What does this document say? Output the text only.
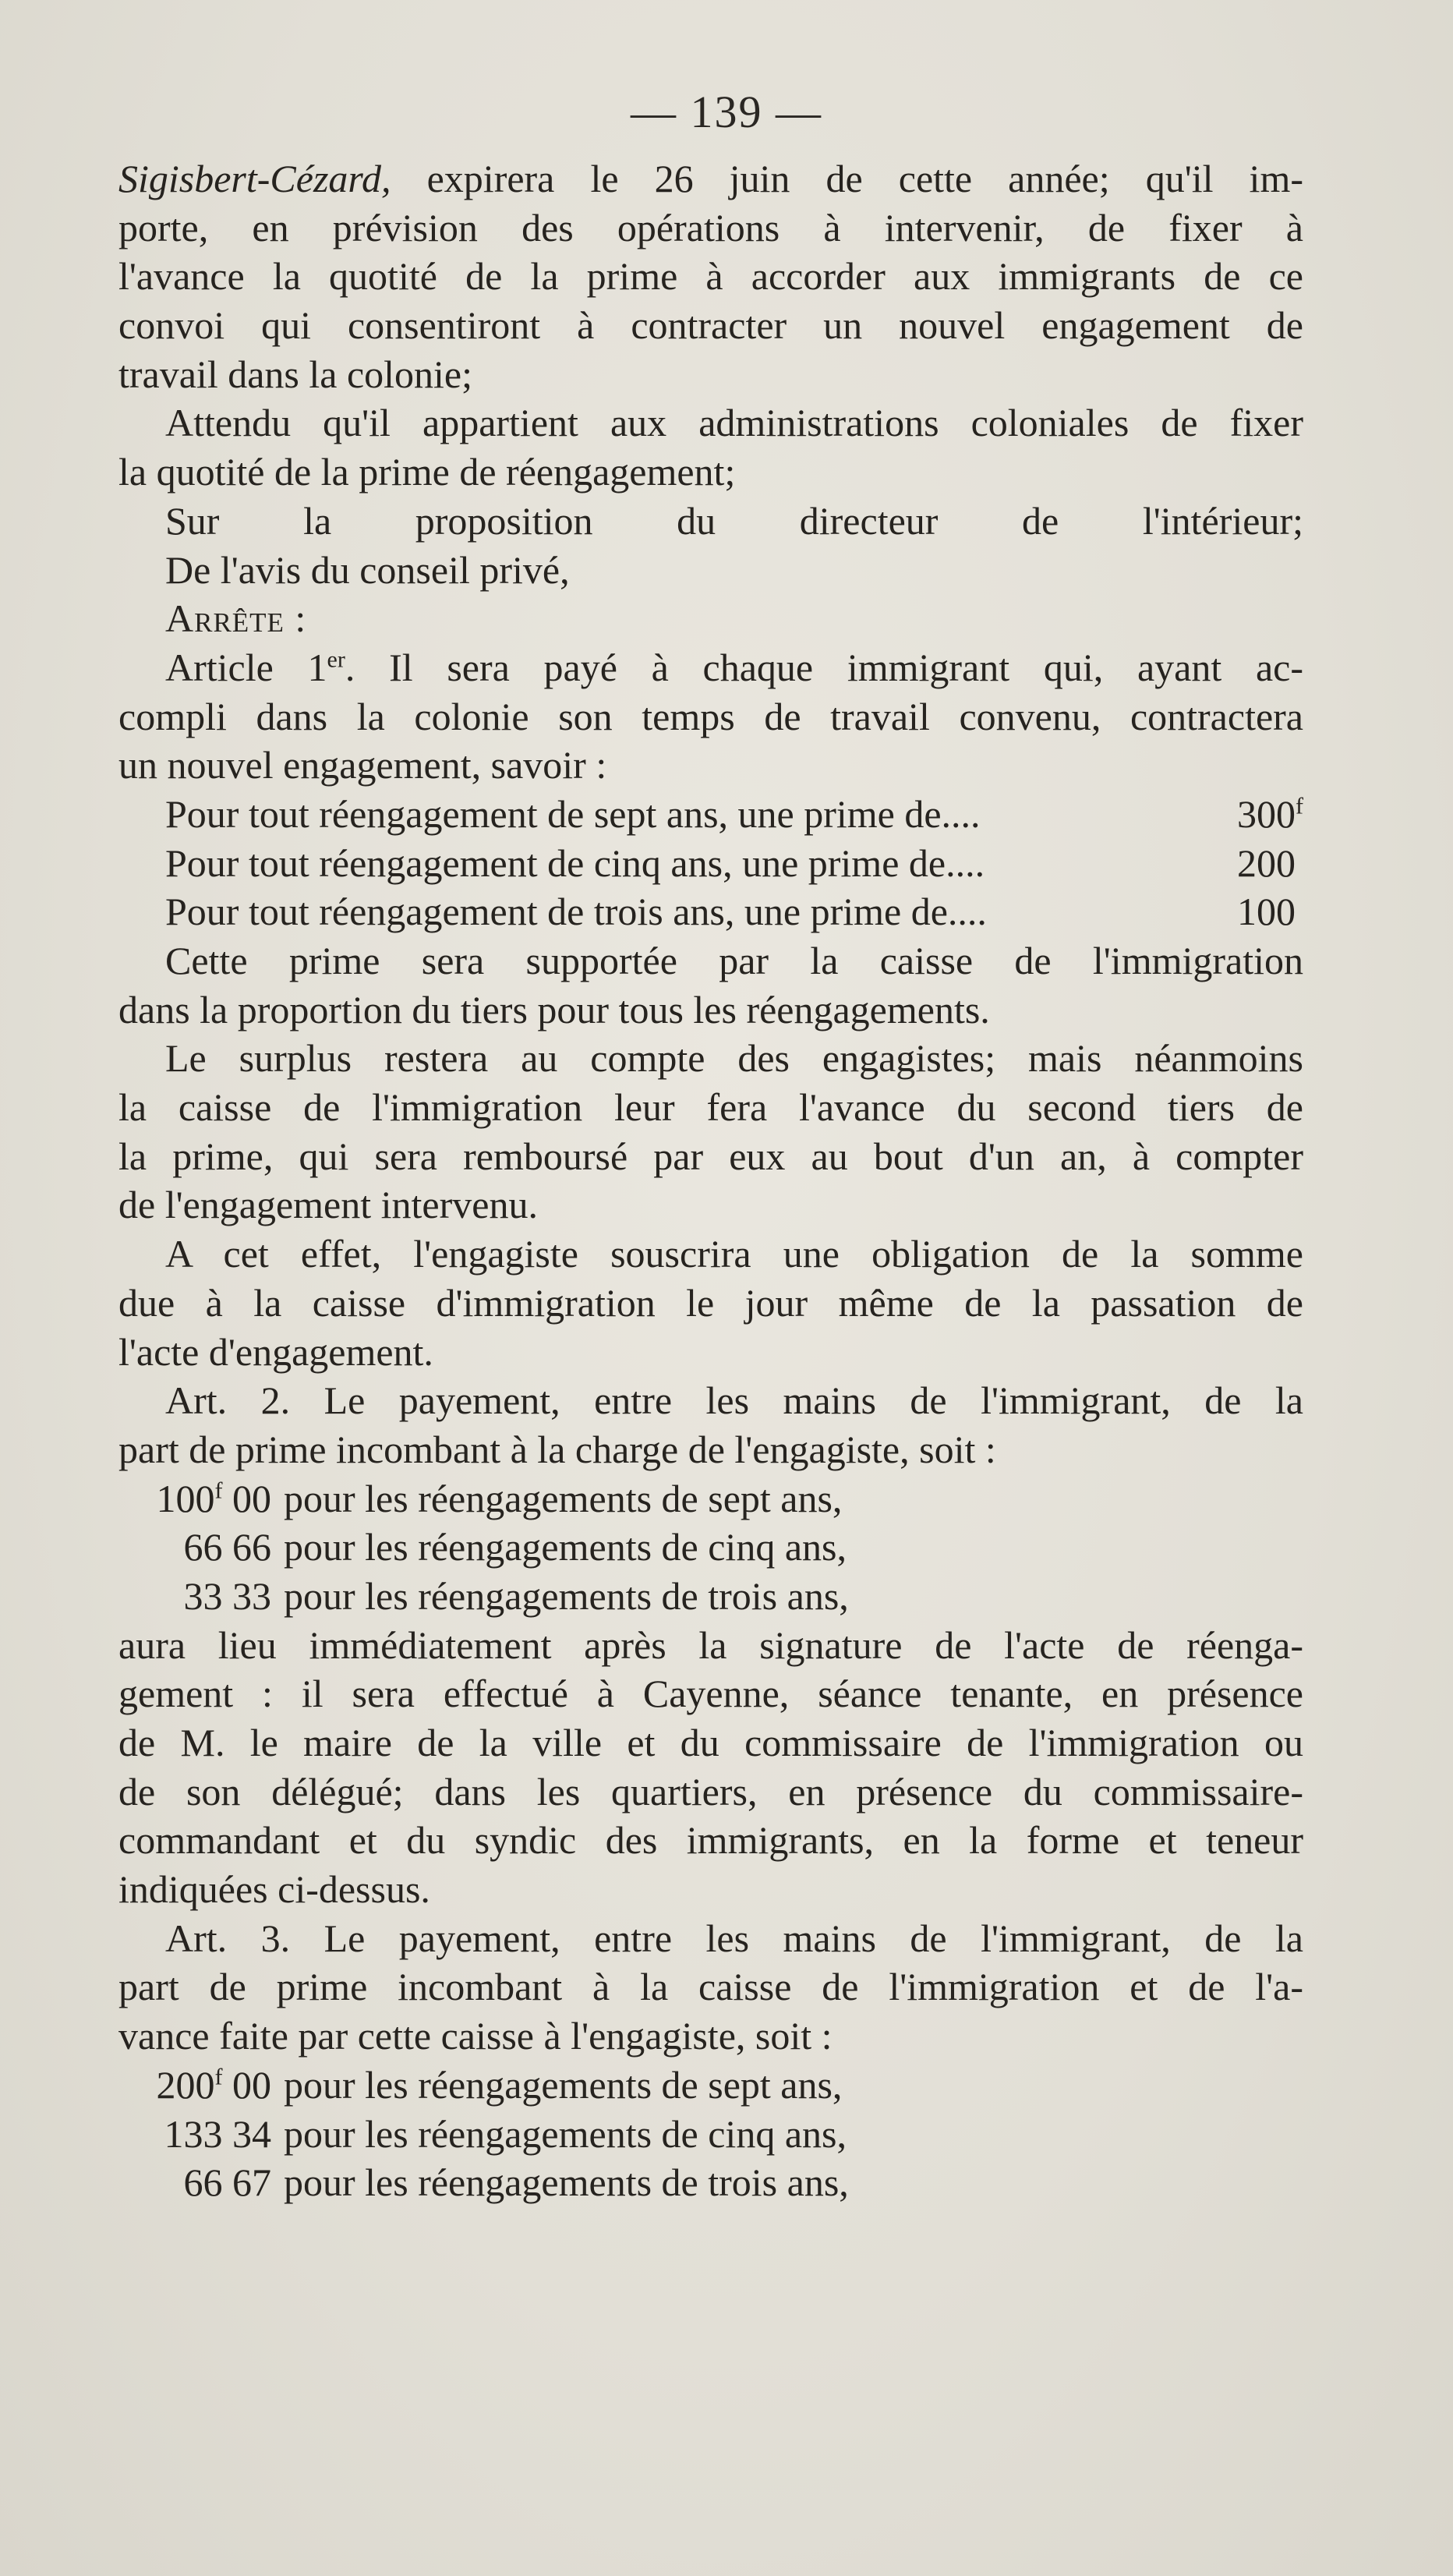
— 139 —
Sigisbert-Cézard, expirera le 26 juin de cette année; qu'il im-
porte, en prévision des opérations à intervenir, de fixer à
l'avance la quotité de la prime à accorder aux immigrants de ce
convoi qui consentiront à contracter un nouvel engagement de
travail dans la colonie;
Attendu qu'il appartient aux administrations coloniales de fixer
la quotité de la prime de réengagement;
Sur la proposition du directeur de l'intérieur;
De l'avis du conseil privé,
Arrête :
Article 1er. Il sera payé à chaque immigrant qui, ayant ac-
compli dans la colonie son temps de travail convenu, contractera
un nouvel engagement, savoir :
Pour tout réengagement de sept ans, une prime de....	300$^f$
Pour tout réengagement de cinq ans, une prime de....	200
Pour tout réengagement de trois ans, une prime de....	100
Cette prime sera supportée par la caisse de l'immigration
dans la proportion du tiers pour tous les réengagements.
Le surplus restera au compte des engagistes; mais néanmoins
la caisse de l'immigration leur fera l'avance du second tiers de
la prime, qui sera remboursé par eux au bout d'un an, à compter
de l'engagement intervenu.
A cet effet, l'engagiste souscrira une obligation de la somme
due à la caisse d'immigration le jour même de la passation de
l'acte d'engagement.
Art. 2. Le payement, entre les mains de l'immigrant, de la
part de prime incombant à la charge de l'engagiste, soit :
100$^f$ 00 pour les réengagements de sept ans,
66 66 pour les réengagements de cinq ans,
33 33 pour les réengagements de trois ans,
aura lieu immédiatement après la signature de l'acte de réenga-
gement : il sera effectué à Cayenne, séance tenante, en présence
de M. le maire de la ville et du commissaire de l'immigration ou
de son délégué; dans les quartiers, en présence du commissaire-
commandant et du syndic des immigrants, en la forme et teneur
indiquées ci-dessus.
Art. 3. Le payement, entre les mains de l'immigrant, de la
part de prime incombant à la caisse de l'immigration et de l'a-
vance faite par cette caisse à l'engagiste, soit :
200$^f$ 00 pour les réengagements de sept ans,
133 34 pour les réengagements de cinq ans,
66 67 pour les réengagements de trois ans,
